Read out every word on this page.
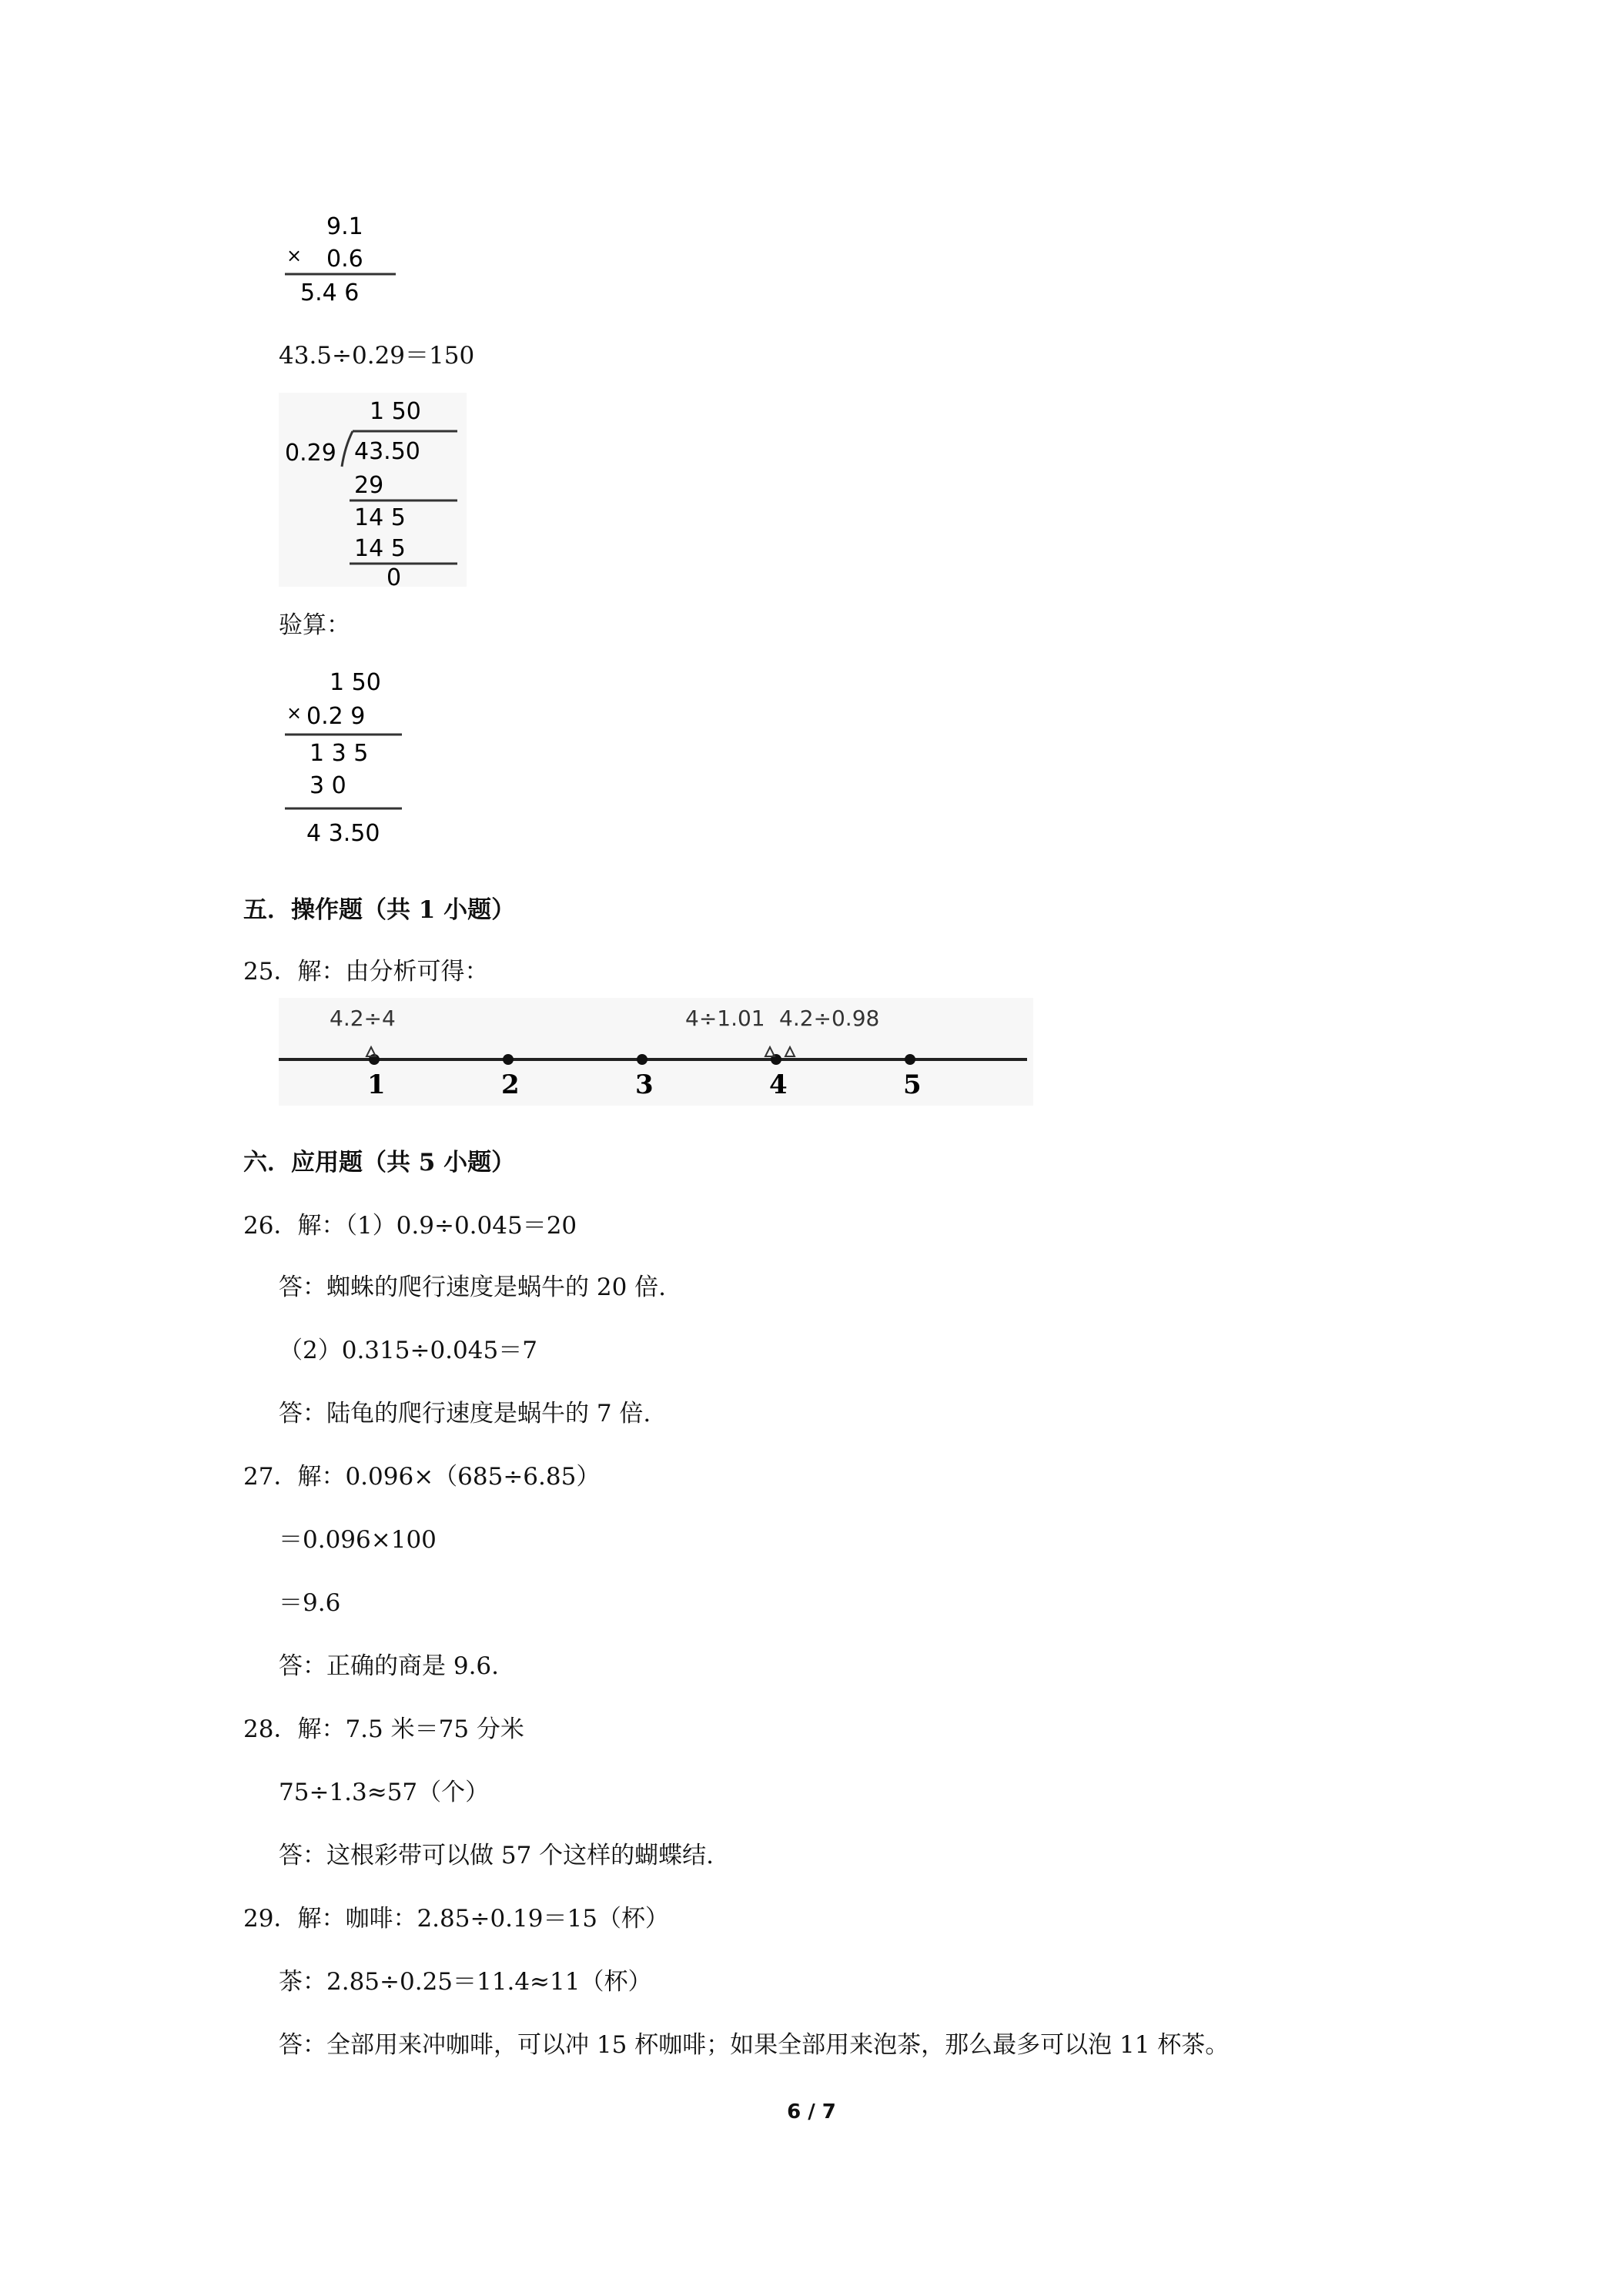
9.1
× 0.6
5.4 6
43.5÷0.29＝150
1 50
0.29 43.50
29
14 5
14 5
0
验算：
1 50
× 0.2 9
1 3 5
3 0
4 3.50
五．操作题（共 1 小题）
25．解：由分析可得：
1	2	3	4	5
4.2÷4	4÷1.01 4.2÷0.98
六．应用题（共 5 小题）
26．解：（1）0.9÷0.045＝20
答：蜘蛛的爬行速度是蜗牛的 20 倍.
（2）0.315÷0.045＝7
答：陆龟的爬行速度是蜗牛的 7 倍.
27．解：0.096×（685÷6.85）
＝0.096×100
＝9.6
答：正确的商是 9.6.
28．解：7.5 米＝75 分米
75÷1.3≈57（个）
答：这根彩带可以做 57 个这样的蝴蝶结.
29．解：咖啡：2.85÷0.19＝15（杯）
茶：2.85÷0.25＝11.4≈11（杯）
答：全部用来冲咖啡，可以冲 15 杯咖啡；如果全部用来泡茶，那么最多可以泡 11 杯茶。
6 / 7
